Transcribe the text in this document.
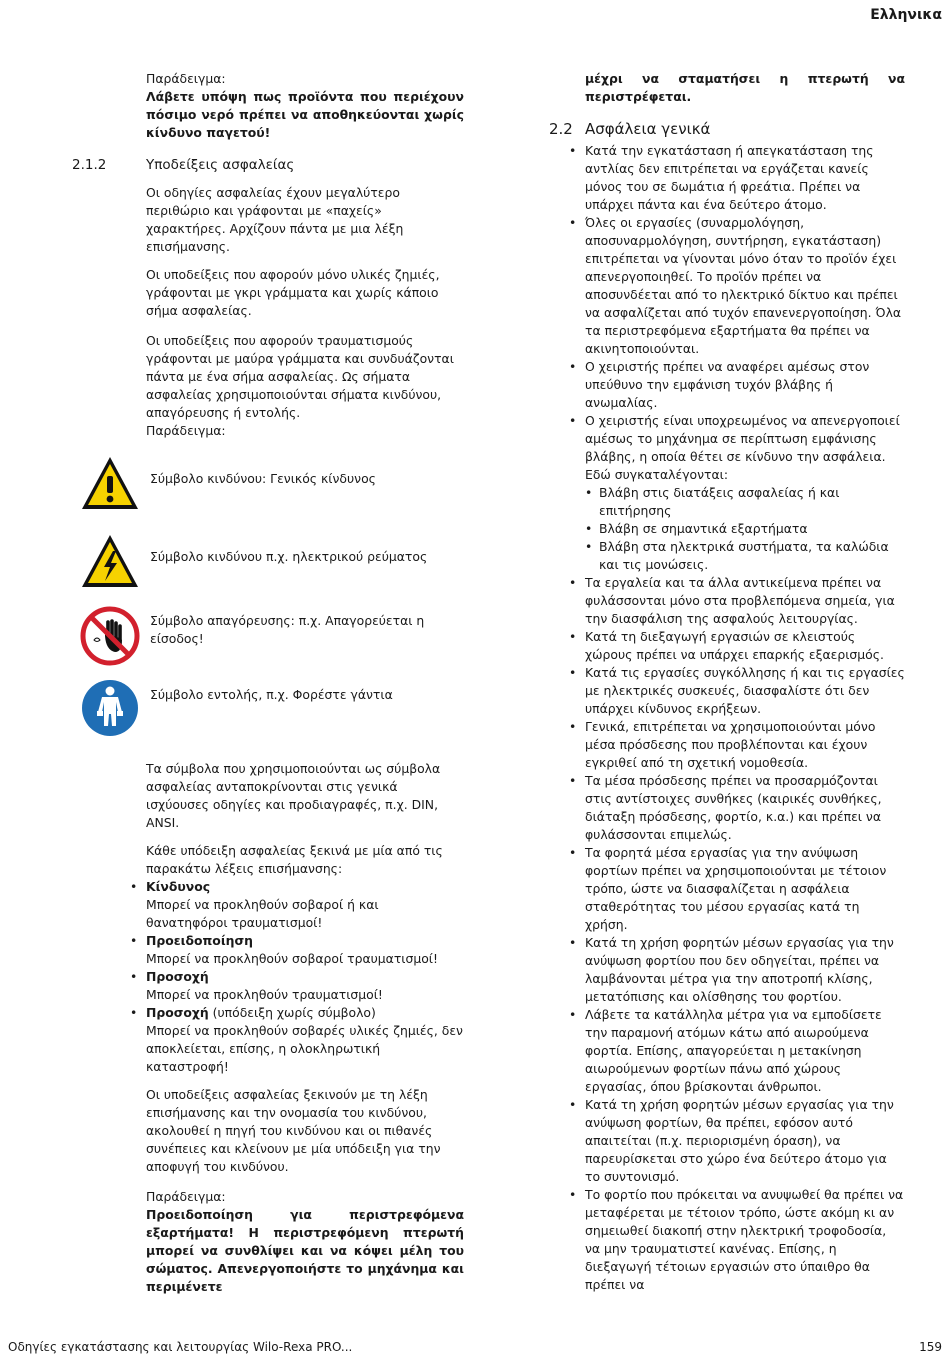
Ελληνικα
Παράδειγμα:
Λάβετε υπόψη πως προϊόντα που περιέχουν πόσιμο νερό πρέπει να αποθηκεύονται χωρίς κίνδυνο παγετού!
2.1.2	Υποδείξεις ασφαλείας
Οι οδηγίες ασφαλείας έχουν μεγαλύτερο περιθώριο και γράφονται με «παχείς» χαρακτήρες. Αρχίζουν πάντα με μια λέξη επισήμανσης.
Οι υποδείξεις που αφορούν μόνο υλικές ζημιές, γράφονται με γκρι γράμματα και χωρίς κάποιο σήμα ασφαλείας.
Οι υποδείξεις που αφορούν τραυματισμούς γράφονται με μαύρα γράμματα και συνδυάζονται πάντα με ένα σήμα ασφαλείας. Ως σήματα ασφαλείας χρησιμοποιούνται σήματα κινδύνου, απαγόρευσης ή εντολής.
Παράδειγμα:
Σύμβολο κινδύνου: Γενικός κίνδυνος
Σύμβολο κινδύνου π.χ. ηλεκτρικού ρεύματος
Σύμβολο απαγόρευσης: π.χ. Απαγορεύεται η είσοδος!
Σύμβολο εντολής, π.χ. Φορέστε γάντια
Τα σύμβολα που χρησιμοποιούνται ως σύμβολα ασφαλείας ανταποκρίνονται στις γενικά ισχύουσες οδηγίες και προδιαγραφές, π.χ. DIN, ANSI.
Κάθε υπόδειξη ασφαλείας ξεκινά με μία από τις παρακάτω λέξεις επισήμανσης:
• Κίνδυνος
Μπορεί να προκληθούν σοβαροί ή και θανατηφόροι τραυματισμοί!
• Προειδοποίηση
Μπορεί να προκληθούν σοβαροί τραυματισμοί!
• Προσοχή
Μπορεί να προκληθούν τραυματισμοί!
• Προσοχή (υπόδειξη χωρίς σύμβολο)
Μπορεί να προκληθούν σοβαρές υλικές ζημιές, δεν αποκλείεται, επίσης, η ολοκληρωτική καταστροφή!
Οι υποδείξεις ασφαλείας ξεκινούν με τη λέξη επισήμανσης και την ονομασία του κινδύνου, ακολουθεί η πηγή του κινδύνου και οι πιθανές συνέπειες και κλείνουν με μία υπόδειξη για την αποφυγή του κινδύνου.
Παράδειγμα:
Προειδοποίηση για περιστρεφόμενα εξαρτήματα! Η περιστρεφόμενη πτερωτή μπορεί να συνθλίψει και να κόψει μέλη του σώματος. Απενεργοποιήστε το μηχάνημα και περιμένετε
μέχρι να σταματήσει η πτερωτή να περιστρέφεται.
2.2 Ασφάλεια γενικά
• Κατά την εγκατάσταση ή απεγκατάσταση της αντλίας δεν επιτρέπεται να εργάζεται κανείς μόνος του σε δωμάτια ή φρεάτια. Πρέπει να υπάρχει πάντα και ένα δεύτερο άτομο.
• Όλες οι εργασίες (συναρμολόγηση, αποσυναρμολόγηση, συντήρηση, εγκατάσταση) επιτρέπεται να γίνονται μόνο όταν το προϊόν έχει απενεργοποιηθεί. Το προϊόν πρέπει να αποσυνδέεται από το ηλεκτρικό δίκτυο και πρέπει να ασφαλίζεται από τυχόν επανενεργοποίηση. Όλα τα περιστρεφόμενα εξαρτήματα θα πρέπει να ακινητοποιούνται.
• Ο χειριστής πρέπει να αναφέρει αμέσως στον υπεύθυνο την εμφάνιση τυχόν βλάβης ή ανωμαλίας.
• Ο χειριστής είναι υποχρεωμένος να απενεργοποιεί αμέσως το μηχάνημα σε περίπτωση εμφάνισης βλάβης, η οποία θέτει σε κίνδυνο την ασφάλεια. Εδώ συγκαταλέγονται:
• Βλάβη στις διατάξεις ασφαλείας ή και επιτήρησης
• Βλάβη σε σημαντικά εξαρτήματα
• Βλάβη στα ηλεκτρικά συστήματα, τα καλώδια και τις μονώσεις.
• Τα εργαλεία και τα άλλα αντικείμενα πρέπει να φυλάσσονται μόνο στα προβλεπόμενα σημεία, για την διασφάλιση της ασφαλούς λειτουργίας.
• Κατά τη διεξαγωγή εργασιών σε κλειστούς χώρους πρέπει να υπάρχει επαρκής εξαερισμός.
• Κατά τις εργασίες συγκόλλησης ή και τις εργασίες με ηλεκτρικές συσκευές, διασφαλίστε ότι δεν υπάρχει κίνδυνος εκρήξεων.
• Γενικά, επιτρέπεται να χρησιμοποιούνται μόνο μέσα πρόσδεσης που προβλέπονται και έχουν εγκριθεί από τη σχετική νομοθεσία.
• Τα μέσα πρόσδεσης πρέπει να προσαρμόζονται στις αντίστοιχες συνθήκες (καιρικές συνθήκες, διάταξη πρόσδεσης, φορτίο, κ.α.) και πρέπει να φυλάσσονται επιμελώς.
• Τα φορητά μέσα εργασίας για την ανύψωση φορτίων πρέπει να χρησιμοποιούνται με τέτοιον τρόπο, ώστε να διασφαλίζεται η ασφάλεια σταθερότητας του μέσου εργασίας κατά τη χρήση.
• Κατά τη χρήση φορητών μέσων εργασίας για την ανύψωση φορτίου που δεν οδηγείται, πρέπει να λαμβάνονται μέτρα για την αποτροπή κλίσης, μετατόπισης και ολίσθησης του φορτίου.
• Λάβετε τα κατάλληλα μέτρα για να εμποδίσετε την παραμονή ατόμων κάτω από αιωρούμενα φορτία. Επίσης, απαγορεύεται η μετακίνηση αιωρούμενων φορτίων πάνω από χώρους εργασίας, όπου βρίσκονται άνθρωποι.
• Κατά τη χρήση φορητών μέσων εργασίας για την ανύψωση φορτίων, θα πρέπει, εφόσον αυτό απαιτείται (π.χ. περιορισμένη όραση), να παρευρίσκεται στο χώρο ένα δεύτερο άτομο για το συντονισμό.
• Το φορτίο που πρόκειται να ανυψωθεί θα πρέπει να μεταφέρεται με τέτοιον τρόπο, ώστε ακόμη κι αν σημειωθεί διακοπή στην ηλεκτρική τροφοδοσία, να μην τραυματιστεί κανένας. Επίσης, η διεξαγωγή τέτοιων εργασιών στο ύπαιθρο θα πρέπει να
Οδηγίες εγκατάστασης και λειτουργίας Wilo-Rexa PRO...	159
